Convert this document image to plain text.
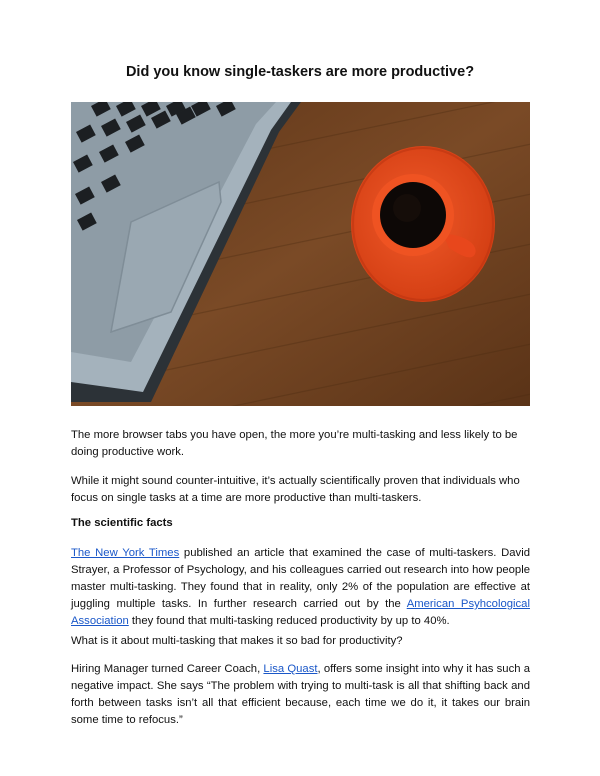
Did you know single-taskers are more productive?

The more browser tabs you have open, the more you’re multi-tasking and less likely to be doing productive work.

While it might sound counter-intuitive, it’s actually scientifically proven that individuals who focus on single tasks at a time are more productive than multi-taskers.

The scientific facts

The New York Times published an article that examined the case of multi-taskers. David Strayer, a Professor of Psychology, and his colleagues carried out research into how people master multi-tasking. They found that in reality, only 2% of the population are effective at juggling multiple tasks. In further research carried out by the American Psyhcological Association they found that multi-tasking reduced productivity by up to 40%.

What is it about multi-tasking that makes it so bad for productivity?

Hiring Manager turned Career Coach, Lisa Quast, offers some insight into why it has such a negative impact. She says “The problem with trying to multi-task is all that shifting back and forth between tasks isn’t all that efficient because, each time we do it, it takes our brain some time to refocus.”
